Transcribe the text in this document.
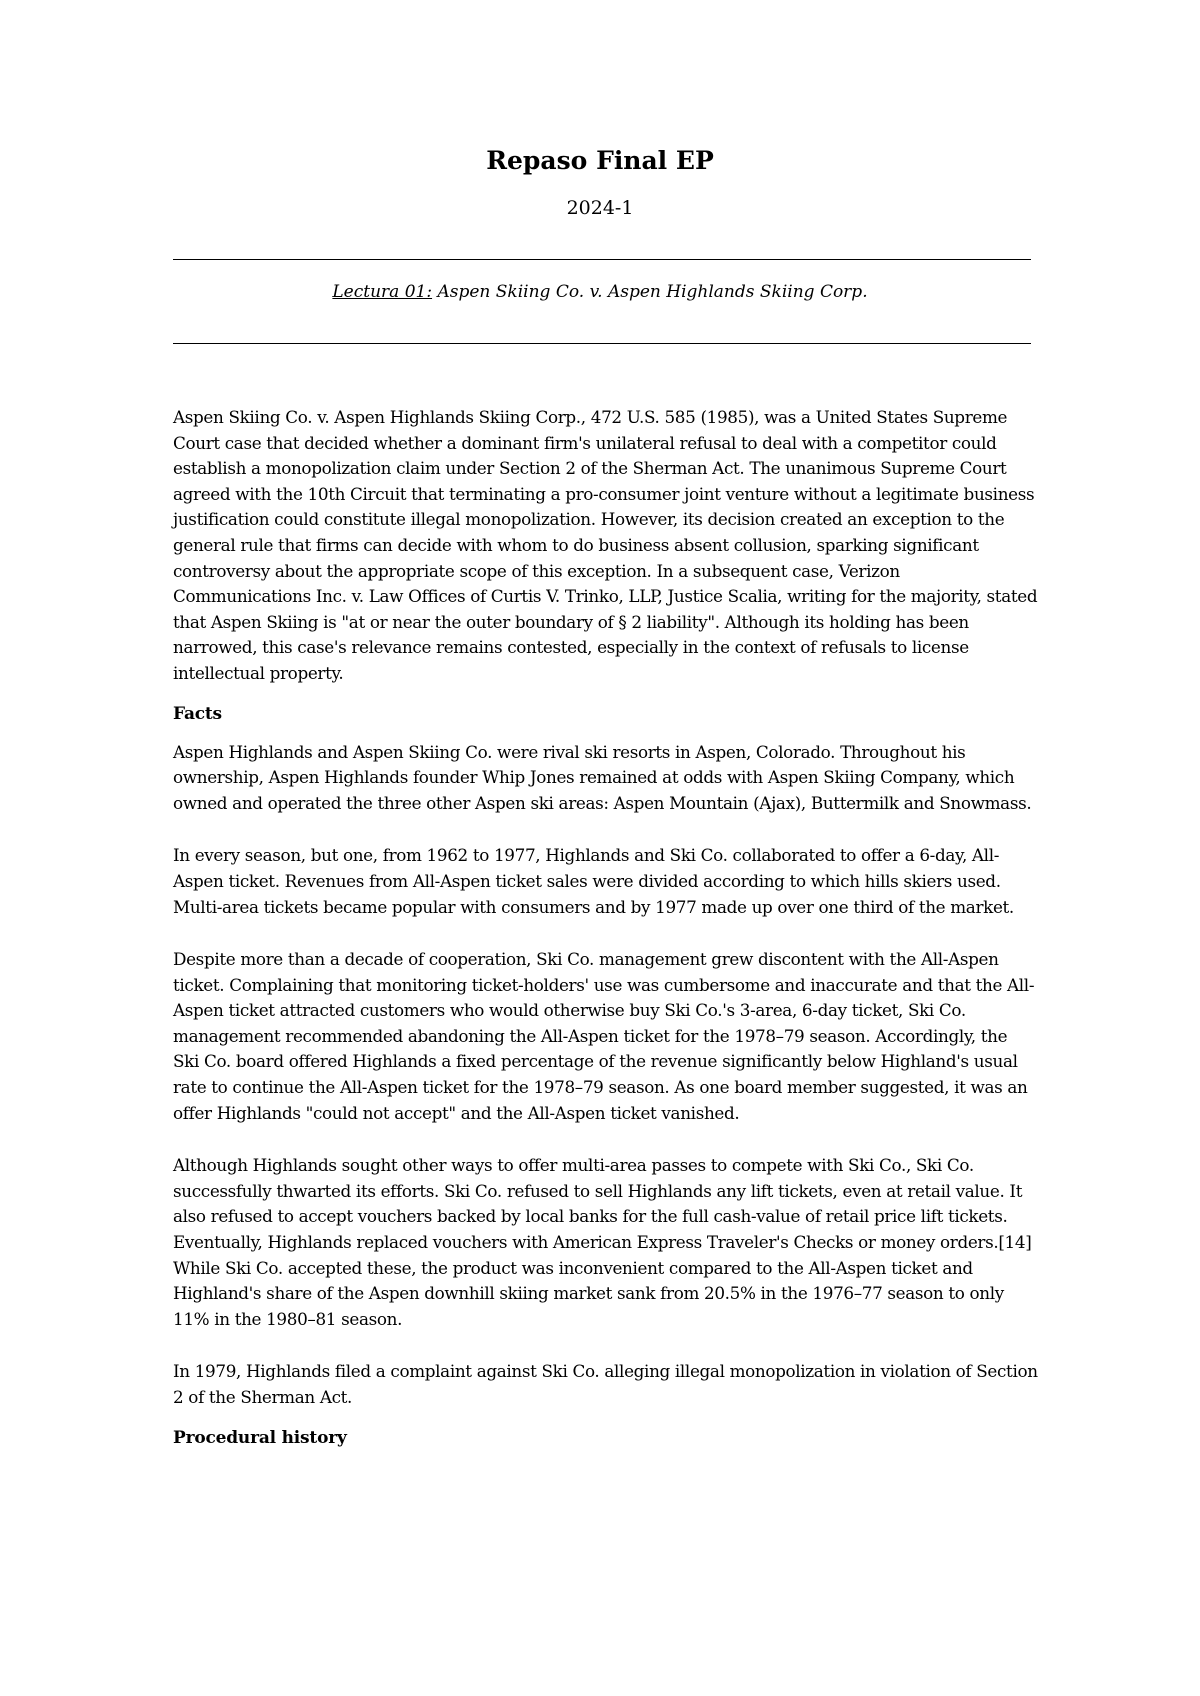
Repaso Final EP
2024-1
Lectura 01: Aspen Skiing Co. v. Aspen Highlands Skiing Corp.

Aspen Skiing Co. v. Aspen Highlands Skiing Corp., 472 U.S. 585 (1985), was a United States Supreme Court case that decided whether a dominant firm's unilateral refusal to deal with a competitor could establish a monopolization claim under Section 2 of the Sherman Act. The unanimous Supreme Court agreed with the 10th Circuit that terminating a pro-consumer joint venture without a legitimate business justification could constitute illegal monopolization. However, its decision created an exception to the general rule that firms can decide with whom to do business absent collusion, sparking significant controversy about the appropriate scope of this exception. In a subsequent case, Verizon Communications Inc. v. Law Offices of Curtis V. Trinko, LLP, Justice Scalia, writing for the majority, stated that Aspen Skiing is "at or near the outer boundary of § 2 liability". Although its holding has been narrowed, this case's relevance remains contested, especially in the context of refusals to license intellectual property.

Facts

Aspen Highlands and Aspen Skiing Co. were rival ski resorts in Aspen, Colorado. Throughout his ownership, Aspen Highlands founder Whip Jones remained at odds with Aspen Skiing Company, which owned and operated the three other Aspen ski areas: Aspen Mountain (Ajax), Buttermilk and Snowmass.

In every season, but one, from 1962 to 1977, Highlands and Ski Co. collaborated to offer a 6-day, All-Aspen ticket. Revenues from All-Aspen ticket sales were divided according to which hills skiers used. Multi-area tickets became popular with consumers and by 1977 made up over one third of the market.

Despite more than a decade of cooperation, Ski Co. management grew discontent with the All-Aspen ticket. Complaining that monitoring ticket-holders' use was cumbersome and inaccurate and that the All-Aspen ticket attracted customers who would otherwise buy Ski Co.'s 3-area, 6-day ticket, Ski Co. management recommended abandoning the All-Aspen ticket for the 1978–79 season. Accordingly, the Ski Co. board offered Highlands a fixed percentage of the revenue significantly below Highland's usual rate to continue the All-Aspen ticket for the 1978–79 season. As one board member suggested, it was an offer Highlands "could not accept" and the All-Aspen ticket vanished.

Although Highlands sought other ways to offer multi-area passes to compete with Ski Co., Ski Co. successfully thwarted its efforts. Ski Co. refused to sell Highlands any lift tickets, even at retail value. It also refused to accept vouchers backed by local banks for the full cash-value of retail price lift tickets. Eventually, Highlands replaced vouchers with American Express Traveler's Checks or money orders.[14] While Ski Co. accepted these, the product was inconvenient compared to the All-Aspen ticket and Highland's share of the Aspen downhill skiing market sank from 20.5% in the 1976–77 season to only 11% in the 1980–81 season.

In 1979, Highlands filed a complaint against Ski Co. alleging illegal monopolization in violation of Section 2 of the Sherman Act.

Procedural history
